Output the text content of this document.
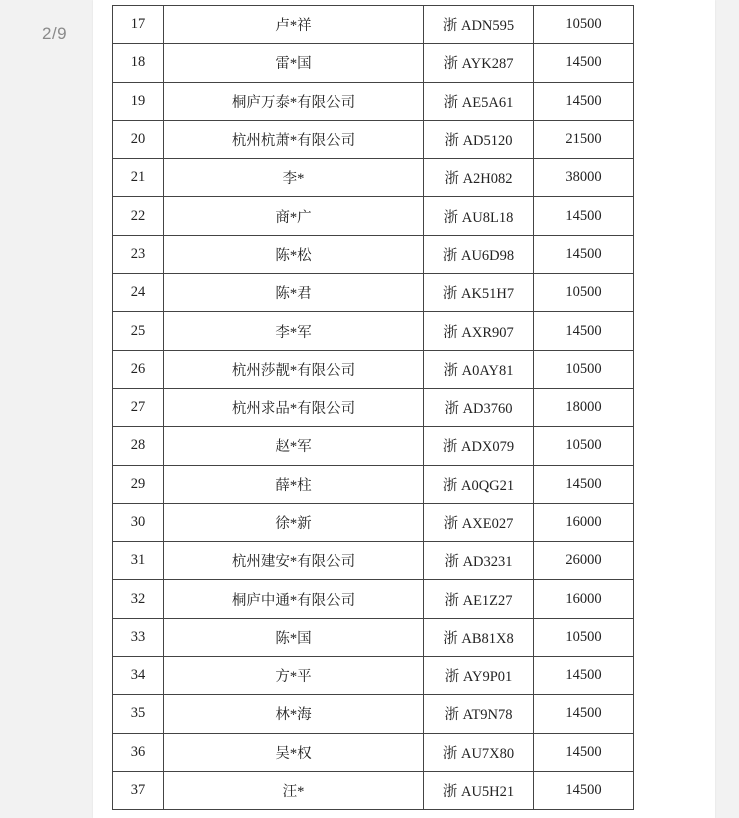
2/9	17	卢*祥	浙 ADN595	10500
18	雷*国	浙 AYK287	14500
19	桐庐万泰*有限公司	浙 AE5A61	14500
20	杭州杭萧*有限公司	浙 AD5120	21500
21	李*	浙 A2H082	38000
22	商*广	浙 AU8L18	14500
23	陈*松	浙 AU6D98	14500
24	陈*君	浙 AK51H7	10500
25	李*军	浙 AXR907	14500
26	杭州莎靓*有限公司	浙 A0AY81	10500
27	杭州求品*有限公司	浙 AD3760	18000
28	赵*军	浙 ADX079	10500
29	薛*柱	浙 A0QG21	14500
30	徐*新	浙 AXE027	16000
31	杭州建安*有限公司	浙 AD3231	26000
32	桐庐中通*有限公司	浙 AE1Z27	16000
33	陈*国	浙 AB81X8	10500
34	方*平	浙 AY9P01	14500
35	林*海	浙 AT9N78	14500
36	吴*权	浙 AU7X80	14500
37	汪*	浙 AU5H21	14500
